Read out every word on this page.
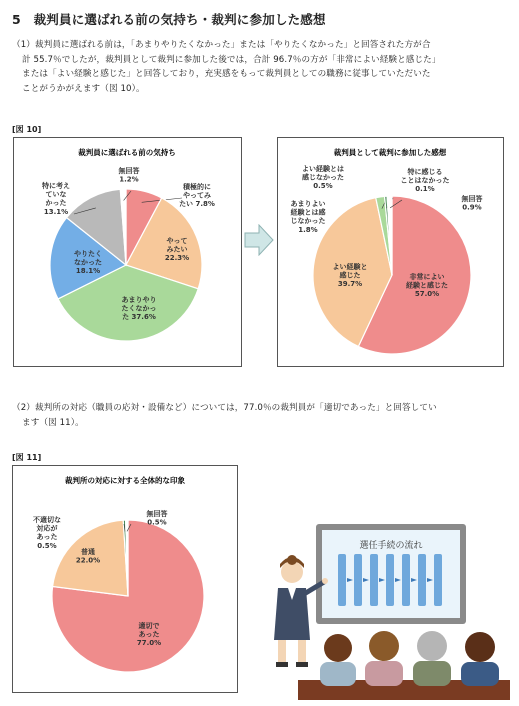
5　裁判員に選ばれる前の気持ち・裁判に参加した感想
（1）裁判員に選ばれる前は，「あまりやりたくなかった」または「やりたくなかった」と回答された方が合
計 55.7％でしたが，裁判員として裁判に参加した後では，合計 96.7％の方が「非常によい経験と感じた」
または「よい経験と感じた」と回答しており，充実感をもって裁判員としての職務に従事していただいた
ことがうかがえます（図 10）。
[図 10]
裁判員に選ばれる前の気持ち
積極的にやってみたい 7.8%
やってみたい 22.3%
あまりやりたくなかった 37.6%
やりたくなかった 18.1%
特に考えていなかった 13.1%
無回答 1.2%
裁判員として裁判に参加した感想
非常によい経験と感じた 57.0%
よい経験と感じた 39.7%
あまりよい経験とは感じなかった 1.8%
よい経験とは感じなかった 0.5%
特に感じることはなかった 0.1%
無回答 0.9%
（2）裁判所の対応（職員の応対・設備など）については，77.0％の裁判員が「適切であった」と回答してい
ます（図 11）。
[図 11]
裁判所の対応に対する全体的な印象
適切であった 77.0%
普通 22.0%
不適切な対応があった 0.5%
無回答 0.5%
選任手続の流れ
